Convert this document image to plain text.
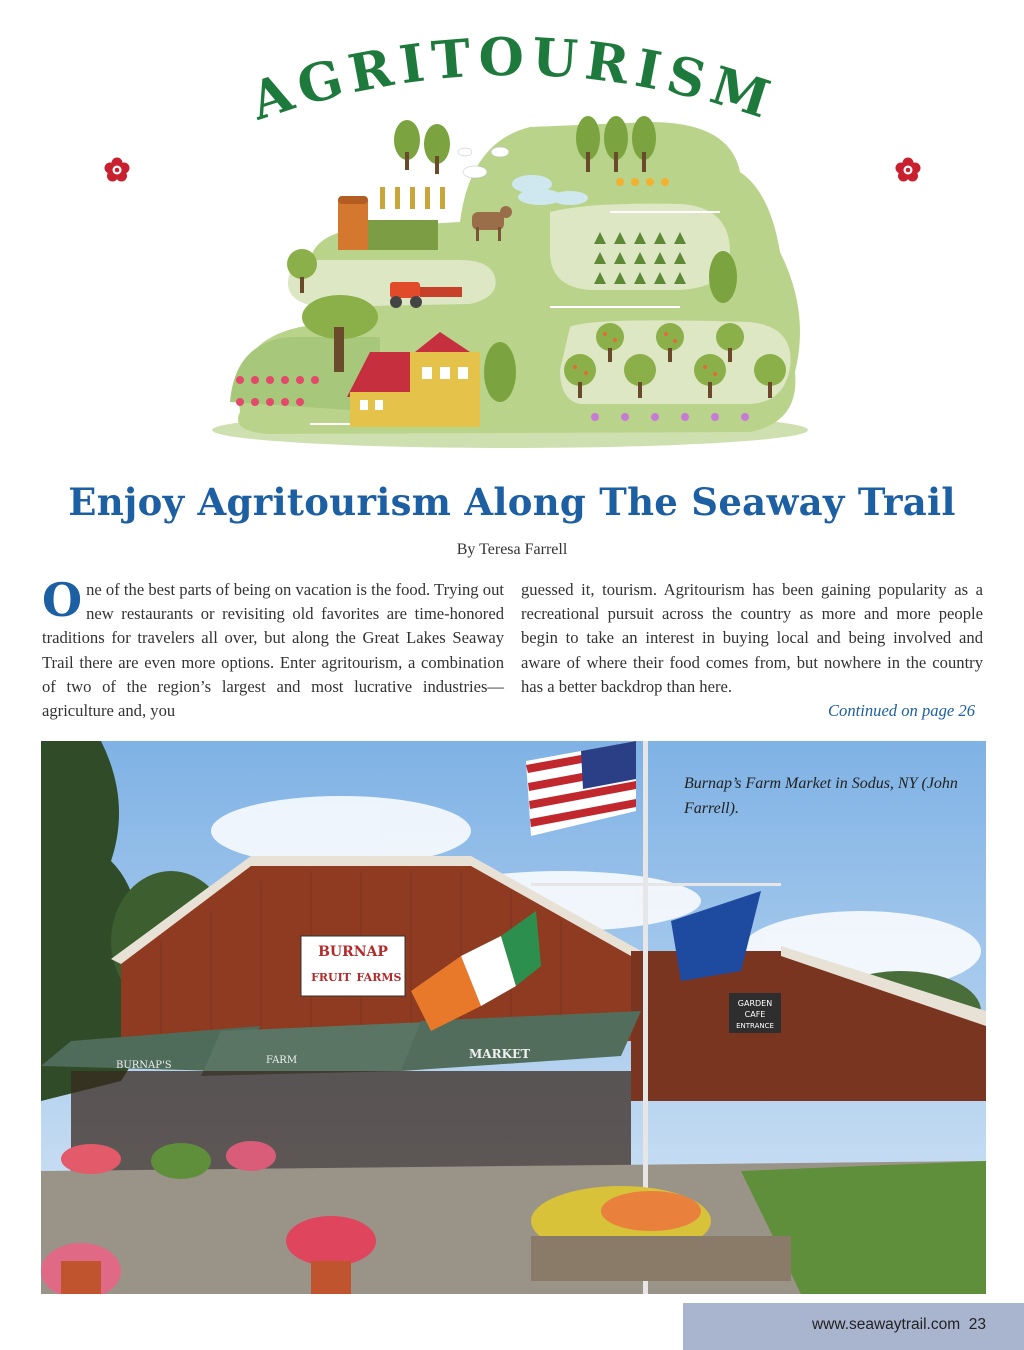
AGRITOURISM
Enjoy Agritourism Along The Seaway Trail
By Teresa Farrell
One of the best parts of being on vacation is the food. Trying out new restaurants or revisiting old favorites are time-honored traditions for travelers all over, but along the Great Lakes Seaway Trail there are even more options. Enter agritourism, a combination of two of the region’s largest and most lucrative industries—agriculture and, you
guessed it, tourism. Agritourism has been gaining popularity as a recreational pursuit across the country as more and more people begin to take an interest in buying local and being involved and aware of where their food comes from, but nowhere in the country has a better backdrop than here.
Continued on page 26
BURNAP
FRUIT FARMS
GARDEN
CAFE
ENTRANCE
BURNAP'S	FARM	MARKET
Burnap’s Farm Market in Sodus, NY (John Farrell).
www.seawaytrail.com 23
